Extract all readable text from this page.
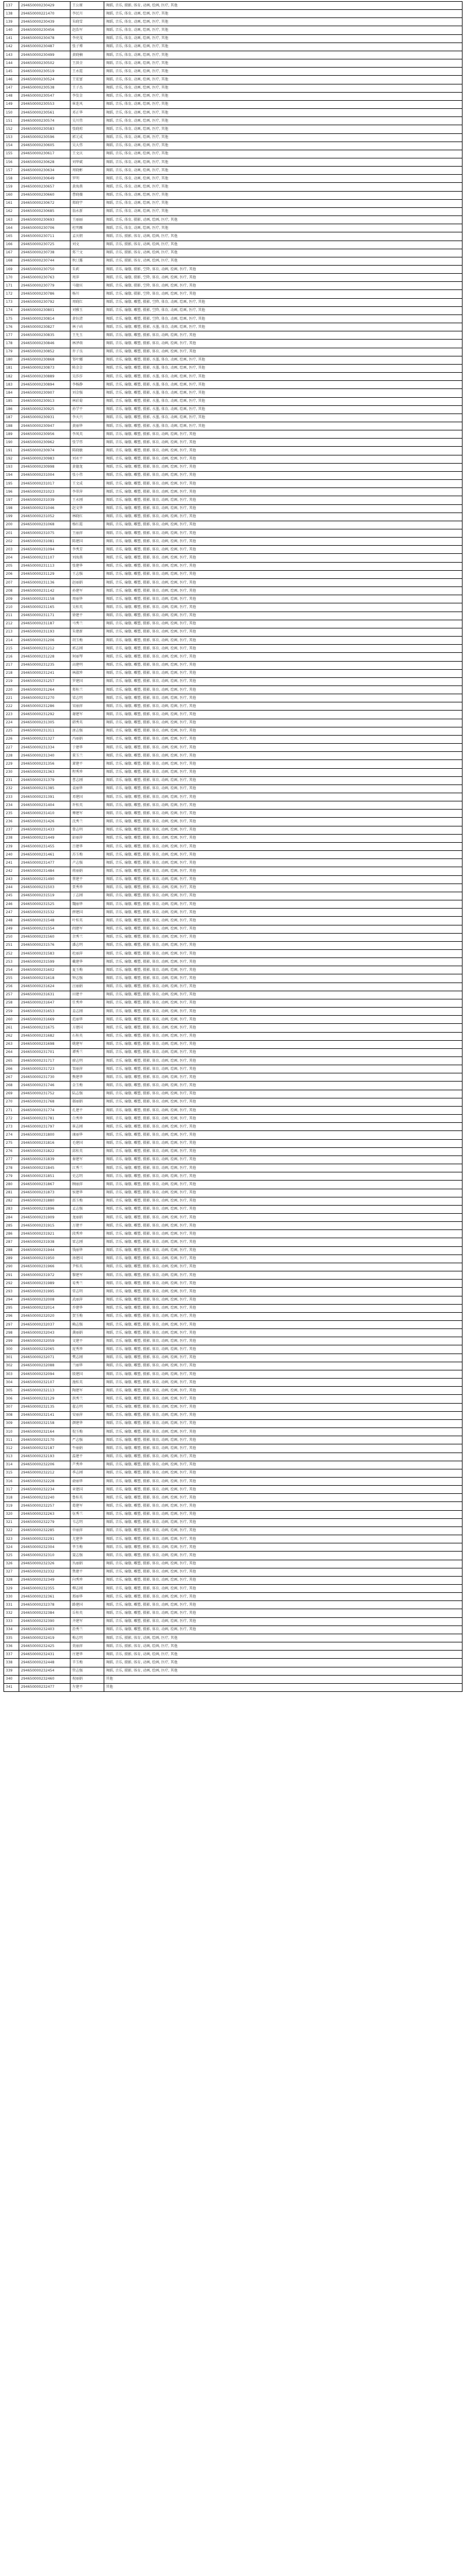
137	294650000230429	王公原	舞蹈, 音乐, 摄影, 体育, 动画, 绘画, 医疗, 其他
138	294650000221470	李民川	舞蹈, 音乐, 体育, 动画, 绘画, 医疗, 其他
139	294650000230439	朱晓雪	舞蹈, 音乐, 体育, 动画, 绘画, 医疗, 其他
140	294650000230456	赵浩军	舞蹈, 音乐, 体育, 动画, 绘画, 医疗, 其他
141	294650000230478	李亮茂	舞蹈, 音乐, 体育, 动画, 绘画, 医疗, 其他
142	294650000230487	张子博	舞蹈, 音乐, 体育, 动画, 绘画, 医疗, 其他
143	294650000230499	黄晓楠	舞蹈, 音乐, 体育, 动画, 绘画, 医疗, 其他
144	294650000230502	王洪全	舞蹈, 音乐, 体育, 动画, 绘画, 医疗, 其他
145	294650000230519	王永霞	舞蹈, 音乐, 体育, 动画, 绘画, 医疗, 其他
146	294650000230524	王宏富	舞蹈, 音乐, 体育, 动画, 绘画, 医疗, 其他
147	294650000230538	王子杰	舞蹈, 音乐, 体育, 动画, 绘画, 医疗, 其他
148	294650000230547	李发金	舞蹈, 音乐, 体育, 动画, 绘画, 医疗, 其他
149	294650000230553	崔连风	舞蹈, 音乐, 体育, 动画, 绘画, 医疗, 其他
150	294650000230561	邓正华	舞蹈, 音乐, 体育, 动画, 绘画, 医疗, 其他
151	294650000230574	吴川伟	舞蹈, 音乐, 体育, 动画, 绘画, 医疗, 其他
152	294650000230583	张晓琼	舞蹈, 音乐, 体育, 动画, 绘画, 医疗, 其他
153	294650000230596	郭元成	舞蹈, 音乐, 体育, 动画, 绘画, 医疗, 其他
154	294650000230605	吴大伟	舞蹈, 音乐, 体育, 动画, 绘画, 医疗, 其他
155	294650000230617	王文庆	舞蹈, 音乐, 体育, 动画, 绘画, 医疗, 其他
156	294650000230628	刘华斌	舞蹈, 音乐, 体育, 动画, 绘画, 医疗, 其他
157	294650000230634	周晓彬	舞蹈, 音乐, 体育, 动画, 绘画, 医疗, 其他
158	294650000230649	罗明	舞蹈, 音乐, 体育, 动画, 绘画, 医疗, 其他
159	294650000230657	黄海燕	舞蹈, 音乐, 体育, 动画, 绘画, 医疗, 其他
160	294650000230660	曹晓薇	舞蹈, 音乐, 体育, 动画, 绘画, 医疗, 其他
161	294650000230672	郑晓宇	舞蹈, 音乐, 体育, 动画, 绘画, 医疗, 其他
162	294650000230685	翁永新	舞蹈, 音乐, 体育, 动画, 绘画, 医疗, 其他
163	294650000230693	王丽丽	舞蹈, 音乐, 体育, 摄影, 动画, 绘画, 医疗, 其他
164	294650000230706	杜明雁	舞蹈, 音乐, 体育, 动画, 绘画, 医疗, 其他
165	294650000230711	孟庆朝	舞蹈, 音乐, 摄影, 体育, 动画, 绘画, 医疗, 其他
166	294650000230725	刘文	舞蹈, 音乐, 摄影, 体育, 动画, 绘画, 医疗, 其他
167	294650000230738	郑兰文	舞蹈, 音乐, 摄影, 体育, 动画, 绘画, 医疗, 其他
168	294650000230744	秋汀露	舞蹈, 音乐, 摄影, 体育, 动画, 绘画, 医疗, 其他
169	294650000230750	朱莉	舞蹈, 音乐, 瑜伽, 摄影, 空降, 体育, 动画, 绘画, 医疗, 其他
170	294650000230763	周萍	舞蹈, 音乐, 瑜伽, 摄影, 空降, 体育, 动画, 绘画, 医疗, 其他
171	294650000230779	马德宾	舞蹈, 音乐, 瑜伽, 摄影, 空降, 体育, 动画, 绘画, 医疗, 其他
172	294650000230786	杨川	舞蹈, 音乐, 瑜伽, 摄影, 空降, 体育, 动画, 绘画, 医疗, 其他
173	294650000230792	周晓红	舞蹈, 音乐, 瑜伽, 雕塑, 摄影, 空降, 体育, 动画, 绘画, 医疗, 其他
174	294650000230801	刘雅玉	舞蹈, 音乐, 瑜伽, 雕塑, 摄影, 空降, 体育, 动画, 绘画, 医疗, 其他
175	294650000230814	黄钰清	舞蹈, 音乐, 瑜伽, 雕塑, 摄影, 空降, 体育, 动画, 绘画, 医疗, 其他
176	294650000230827	林子函	舞蹈, 音乐, 瑜伽, 雕塑, 摄影, 水墨, 体育, 动画, 绘画, 医疗, 其他
177	294650000230835	王允玉	舞蹈, 音乐, 瑜伽, 雕塑, 摄影, 体育, 动画, 绘画, 医疗, 其他
178	294650000230846	林泽萌	舞蹈, 音乐, 瑜伽, 雕塑, 摄影, 体育, 动画, 绘画, 医疗, 其他
179	294650000230852	许子良	舞蹈, 音乐, 瑜伽, 雕塑, 摄影, 体育, 动画, 绘画, 医疗, 其他
180	294650000230868	邹叶娜	舞蹈, 音乐, 瑜伽, 雕塑, 摄影, 水墨, 体育, 动画, 绘画, 医疗, 其他
181	294650000230873	陈金金	舞蹈, 音乐, 瑜伽, 雕塑, 摄影, 水墨, 体育, 动画, 绘画, 医疗, 其他
182	294650000230889	吴莎莎	舞蹈, 音乐, 瑜伽, 雕塑, 摄影, 水墨, 体育, 动画, 绘画, 医疗, 其他
183	294650000230894	李杨静	舞蹈, 音乐, 瑜伽, 雕塑, 摄影, 水墨, 体育, 动画, 绘画, 医疗, 其他
184	294650000230907	刘金强	舞蹈, 音乐, 瑜伽, 雕塑, 摄影, 水墨, 体育, 动画, 绘画, 医疗, 其他
185	294650000230913	林彩菊	舞蹈, 音乐, 瑜伽, 雕塑, 摄影, 水墨, 体育, 动画, 绘画, 医疗, 其他
186	294650000230925	孙学平	舞蹈, 音乐, 瑜伽, 雕塑, 摄影, 水墨, 体育, 动画, 绘画, 医疗, 其他
187	294650000230931	李天兴	舞蹈, 音乐, 瑜伽, 雕塑, 摄影, 水墨, 体育, 动画, 绘画, 医疗, 其他
188	294650000230947	黄丽华	舞蹈, 音乐, 瑜伽, 雕塑, 摄影, 水墨, 体育, 动画, 绘画, 医疗, 其他
189	294650000230956	李凤英	舞蹈, 音乐, 瑜伽, 雕塑, 摄影, 体育, 动画, 绘画, 医疗, 其他
190	294650000230962	张学伟	舞蹈, 音乐, 瑜伽, 雕塑, 摄影, 体育, 动画, 绘画, 医疗, 其他
191	294650000230974	陈晓敏	舞蹈, 音乐, 瑜伽, 雕塑, 摄影, 体育, 动画, 绘画, 医疗, 其他
192	294650000230983	刘永平	舞蹈, 音乐, 瑜伽, 雕塑, 摄影, 体育, 动画, 绘画, 医疗, 其他
193	294650000230998	黄德龙	舞蹈, 音乐, 瑜伽, 雕塑, 摄影, 体育, 动画, 绘画, 医疗, 其他
194	294650000231004	张小伟	舞蹈, 音乐, 瑜伽, 雕塑, 摄影, 体育, 动画, 绘画, 医疗, 其他
195	294650000231017	王文成	舞蹈, 音乐, 瑜伽, 雕塑, 摄影, 体育, 动画, 绘画, 医疗, 其他
196	294650000231023	李翠萍	舞蹈, 音乐, 瑜伽, 雕塑, 摄影, 体育, 动画, 绘画, 医疗, 其他
197	294650000231039	王永刚	舞蹈, 音乐, 瑜伽, 雕塑, 摄影, 体育, 动画, 绘画, 医疗, 其他
198	294650000231046	赵文华	舞蹈, 音乐, 瑜伽, 雕塑, 摄影, 体育, 动画, 绘画, 医疗, 其他
199	294650000231052	林晓红	舞蹈, 音乐, 瑜伽, 雕塑, 摄影, 体育, 动画, 绘画, 医疗, 其他
200	294650000231068	杨红霞	舞蹈, 音乐, 瑜伽, 雕塑, 摄影, 体育, 动画, 绘画, 医疗, 其他
201	294650000231075	王丽萍	舞蹈, 音乐, 瑜伽, 雕塑, 摄影, 体育, 动画, 绘画, 医疗, 其他
202	294650000231081	陈建国	舞蹈, 音乐, 瑜伽, 雕塑, 摄影, 体育, 动画, 绘画, 医疗, 其他
203	294650000231094	李秀芳	舞蹈, 音乐, 瑜伽, 雕塑, 摄影, 体育, 动画, 绘画, 医疗, 其他
204	294650000231107	刘海燕	舞蹈, 音乐, 瑜伽, 雕塑, 摄影, 体育, 动画, 绘画, 医疗, 其他
205	294650000231113	张建华	舞蹈, 音乐, 瑜伽, 雕塑, 摄影, 体育, 动画, 绘画, 医疗, 其他
206	294650000231129	王志强	舞蹈, 音乐, 瑜伽, 雕塑, 摄影, 体育, 动画, 绘画, 医疗, 其他
207	294650000231136	赵丽娟	舞蹈, 音乐, 瑜伽, 雕塑, 摄影, 体育, 动画, 绘画, 医疗, 其他
208	294650000231142	孙建军	舞蹈, 音乐, 瑜伽, 雕塑, 摄影, 体育, 动画, 绘画, 医疗, 其他
209	294650000231158	周丽华	舞蹈, 音乐, 瑜伽, 雕塑, 摄影, 体育, 动画, 绘画, 医疗, 其他
210	294650000231165	吴桂英	舞蹈, 音乐, 瑜伽, 雕塑, 摄影, 体育, 动画, 绘画, 医疗, 其他
211	294650000231171	徐建平	舞蹈, 音乐, 瑜伽, 雕塑, 摄影, 体育, 动画, 绘画, 医疗, 其他
212	294650000231187	马秀兰	舞蹈, 音乐, 瑜伽, 雕塑, 摄影, 体育, 动画, 绘画, 医疗, 其他
213	294650000231193	朱建新	舞蹈, 音乐, 瑜伽, 雕塑, 摄影, 体育, 动画, 绘画, 医疗, 其他
214	294650000231206	胡玉梅	舞蹈, 音乐, 瑜伽, 雕塑, 摄影, 体育, 动画, 绘画, 医疗, 其他
215	294650000231212	郭志刚	舞蹈, 音乐, 瑜伽, 雕塑, 摄影, 体育, 动画, 绘画, 医疗, 其他
216	294650000231228	何丽琴	舞蹈, 音乐, 瑜伽, 雕塑, 摄影, 体育, 动画, 绘画, 医疗, 其他
217	294650000231235	高建明	舞蹈, 音乐, 瑜伽, 雕塑, 摄影, 体育, 动画, 绘画, 医疗, 其他
218	294650000231241	林淑珍	舞蹈, 音乐, 瑜伽, 雕塑, 摄影, 体育, 动画, 绘画, 医疗, 其他
219	294650000231257	罗建国	舞蹈, 音乐, 瑜伽, 雕塑, 摄影, 体育, 动画, 绘画, 医疗, 其他
220	294650000231264	郑桂兰	舞蹈, 音乐, 瑜伽, 雕塑, 摄影, 体育, 动画, 绘画, 医疗, 其他
221	294650000231270	梁志明	舞蹈, 音乐, 瑜伽, 雕塑, 摄影, 体育, 动画, 绘画, 医疗, 其他
222	294650000231286	宋丽萍	舞蹈, 音乐, 瑜伽, 雕塑, 摄影, 体育, 动画, 绘画, 医疗, 其他
223	294650000231292	谢建军	舞蹈, 音乐, 瑜伽, 雕塑, 摄影, 体育, 动画, 绘画, 医疗, 其他
224	294650000231305	韩秀英	舞蹈, 音乐, 瑜伽, 雕塑, 摄影, 体育, 动画, 绘画, 医疗, 其他
225	294650000231311	唐志强	舞蹈, 音乐, 瑜伽, 雕塑, 摄影, 体育, 动画, 绘画, 医疗, 其他
226	294650000231327	冯丽娟	舞蹈, 音乐, 瑜伽, 雕塑, 摄影, 体育, 动画, 绘画, 医疗, 其他
227	294650000231334	于建华	舞蹈, 音乐, 瑜伽, 雕塑, 摄影, 体育, 动画, 绘画, 医疗, 其他
228	294650000231340	董玉兰	舞蹈, 音乐, 瑜伽, 雕塑, 摄影, 体育, 动画, 绘画, 医疗, 其他
229	294650000231356	萧建平	舞蹈, 音乐, 瑜伽, 雕塑, 摄影, 体育, 动画, 绘画, 医疗, 其他
230	294650000231363	程秀珍	舞蹈, 音乐, 瑜伽, 雕塑, 摄影, 体育, 动画, 绘画, 医疗, 其他
231	294650000231379	曹志刚	舞蹈, 音乐, 瑜伽, 雕塑, 摄影, 体育, 动画, 绘画, 医疗, 其他
232	294650000231385	袁丽华	舞蹈, 音乐, 瑜伽, 雕塑, 摄影, 体育, 动画, 绘画, 医疗, 其他
233	294650000231391	邓建国	舞蹈, 音乐, 瑜伽, 雕塑, 摄影, 体育, 动画, 绘画, 医疗, 其他
234	294650000231404	许桂英	舞蹈, 音乐, 瑜伽, 雕塑, 摄影, 体育, 动画, 绘画, 医疗, 其他
235	294650000231410	傅建军	舞蹈, 音乐, 瑜伽, 雕塑, 摄影, 体育, 动画, 绘画, 医疗, 其他
236	294650000231426	沈秀兰	舞蹈, 音乐, 瑜伽, 雕塑, 摄影, 体育, 动画, 绘画, 医疗, 其他
237	294650000231433	曾志明	舞蹈, 音乐, 瑜伽, 雕塑, 摄影, 体育, 动画, 绘画, 医疗, 其他
238	294650000231449	彭丽萍	舞蹈, 音乐, 瑜伽, 雕塑, 摄影, 体育, 动画, 绘画, 医疗, 其他
239	294650000231455	吕建华	舞蹈, 音乐, 瑜伽, 雕塑, 摄影, 体育, 动画, 绘画, 医疗, 其他
240	294650000231461	苏玉梅	舞蹈, 音乐, 瑜伽, 雕塑, 摄影, 体育, 动画, 绘画, 医疗, 其他
241	294650000231477	卢志强	舞蹈, 音乐, 瑜伽, 雕塑, 摄影, 体育, 动画, 绘画, 医疗, 其他
242	294650000231484	蒋丽娟	舞蹈, 音乐, 瑜伽, 雕塑, 摄影, 体育, 动画, 绘画, 医疗, 其他
243	294650000231490	蔡建平	舞蹈, 音乐, 瑜伽, 雕塑, 摄影, 体育, 动画, 绘画, 医疗, 其他
244	294650000231503	贾秀珍	舞蹈, 音乐, 瑜伽, 雕塑, 摄影, 体育, 动画, 绘画, 医疗, 其他
245	294650000231519	丁志刚	舞蹈, 音乐, 瑜伽, 雕塑, 摄影, 体育, 动画, 绘画, 医疗, 其他
246	294650000231525	魏丽华	舞蹈, 音乐, 瑜伽, 雕塑, 摄影, 体育, 动画, 绘画, 医疗, 其他
247	294650000231532	薛建国	舞蹈, 音乐, 瑜伽, 雕塑, 摄影, 体育, 动画, 绘画, 医疗, 其他
248	294650000231548	叶桂英	舞蹈, 音乐, 瑜伽, 雕塑, 摄影, 体育, 动画, 绘画, 医疗, 其他
249	294650000231554	阎建军	舞蹈, 音乐, 瑜伽, 雕塑, 摄影, 体育, 动画, 绘画, 医疗, 其他
250	294650000231560	余秀兰	舞蹈, 音乐, 瑜伽, 雕塑, 摄影, 体育, 动画, 绘画, 医疗, 其他
251	294650000231576	潘志明	舞蹈, 音乐, 瑜伽, 雕塑, 摄影, 体育, 动画, 绘画, 医疗, 其他
252	294650000231583	杜丽萍	舞蹈, 音乐, 瑜伽, 雕塑, 摄影, 体育, 动画, 绘画, 医疗, 其他
253	294650000231599	戴建华	舞蹈, 音乐, 瑜伽, 雕塑, 摄影, 体育, 动画, 绘画, 医疗, 其他
254	294650000231602	夏玉梅	舞蹈, 音乐, 瑜伽, 雕塑, 摄影, 体育, 动画, 绘画, 医疗, 其他
255	294650000231618	钟志强	舞蹈, 音乐, 瑜伽, 雕塑, 摄影, 体育, 动画, 绘画, 医疗, 其他
256	294650000231624	汪丽娟	舞蹈, 音乐, 瑜伽, 雕塑, 摄影, 体育, 动画, 绘画, 医疗, 其他
257	294650000231631	田建平	舞蹈, 音乐, 瑜伽, 雕塑, 摄影, 体育, 动画, 绘画, 医疗, 其他
258	294650000231647	任秀珍	舞蹈, 音乐, 瑜伽, 雕塑, 摄影, 体育, 动画, 绘画, 医疗, 其他
259	294650000231653	姜志刚	舞蹈, 音乐, 瑜伽, 雕塑, 摄影, 体育, 动画, 绘画, 医疗, 其他
260	294650000231669	范丽华	舞蹈, 音乐, 瑜伽, 雕塑, 摄影, 体育, 动画, 绘画, 医疗, 其他
261	294650000231675	方建国	舞蹈, 音乐, 瑜伽, 雕塑, 摄影, 体育, 动画, 绘画, 医疗, 其他
262	294650000231682	石桂英	舞蹈, 音乐, 瑜伽, 雕塑, 摄影, 体育, 动画, 绘画, 医疗, 其他
263	294650000231698	姚建军	舞蹈, 音乐, 瑜伽, 雕塑, 摄影, 体育, 动画, 绘画, 医疗, 其他
264	294650000231701	谭秀兰	舞蹈, 音乐, 瑜伽, 雕塑, 摄影, 体育, 动画, 绘画, 医疗, 其他
265	294650000231717	廖志明	舞蹈, 音乐, 瑜伽, 雕塑, 摄影, 体育, 动画, 绘画, 医疗, 其他
266	294650000231723	邹丽萍	舞蹈, 音乐, 瑜伽, 雕塑, 摄影, 体育, 动画, 绘画, 医疗, 其他
267	294650000231730	熊建华	舞蹈, 音乐, 瑜伽, 雕塑, 摄影, 体育, 动画, 绘画, 医疗, 其他
268	294650000231746	金玉梅	舞蹈, 音乐, 瑜伽, 雕塑, 摄影, 体育, 动画, 绘画, 医疗, 其他
269	294650000231752	陆志强	舞蹈, 音乐, 瑜伽, 雕塑, 摄影, 体育, 动画, 绘画, 医疗, 其他
270	294650000231768	郝丽娟	舞蹈, 音乐, 瑜伽, 雕塑, 摄影, 体育, 动画, 绘画, 医疗, 其他
271	294650000231774	孔建平	舞蹈, 音乐, 瑜伽, 雕塑, 摄影, 体育, 动画, 绘画, 医疗, 其他
272	294650000231781	白秀珍	舞蹈, 音乐, 瑜伽, 雕塑, 摄影, 体育, 动画, 绘画, 医疗, 其他
273	294650000231797	崔志刚	舞蹈, 音乐, 瑜伽, 雕塑, 摄影, 体育, 动画, 绘画, 医疗, 其他
274	294650000231800	康丽华	舞蹈, 音乐, 瑜伽, 雕塑, 摄影, 体育, 动画, 绘画, 医疗, 其他
275	294650000231816	毛建国	舞蹈, 音乐, 瑜伽, 雕塑, 摄影, 体育, 动画, 绘画, 医疗, 其他
276	294650000231822	邱桂英	舞蹈, 音乐, 瑜伽, 雕塑, 摄影, 体育, 动画, 绘画, 医疗, 其他
277	294650000231839	秦建军	舞蹈, 音乐, 瑜伽, 雕塑, 摄影, 体育, 动画, 绘画, 医疗, 其他
278	294650000231845	江秀兰	舞蹈, 音乐, 瑜伽, 雕塑, 摄影, 体育, 动画, 绘画, 医疗, 其他
279	294650000231851	史志明	舞蹈, 音乐, 瑜伽, 雕塑, 摄影, 体育, 动画, 绘画, 医疗, 其他
280	294650000231867	顾丽萍	舞蹈, 音乐, 瑜伽, 雕塑, 摄影, 体育, 动画, 绘画, 医疗, 其他
281	294650000231873	侯建华	舞蹈, 音乐, 瑜伽, 雕塑, 摄影, 体育, 动画, 绘画, 医疗, 其他
282	294650000231880	邵玉梅	舞蹈, 音乐, 瑜伽, 雕塑, 摄影, 体育, 动画, 绘画, 医疗, 其他
283	294650000231896	孟志强	舞蹈, 音乐, 瑜伽, 雕塑, 摄影, 体育, 动画, 绘画, 医疗, 其他
284	294650000231909	龙丽娟	舞蹈, 音乐, 瑜伽, 雕塑, 摄影, 体育, 动画, 绘画, 医疗, 其他
285	294650000231915	万建平	舞蹈, 音乐, 瑜伽, 雕塑, 摄影, 体育, 动画, 绘画, 医疗, 其他
286	294650000231921	段秀珍	舞蹈, 音乐, 瑜伽, 雕塑, 摄影, 体育, 动画, 绘画, 医疗, 其他
287	294650000231938	雷志刚	舞蹈, 音乐, 瑜伽, 雕塑, 摄影, 体育, 动画, 绘画, 医疗, 其他
288	294650000231944	钱丽华	舞蹈, 音乐, 瑜伽, 雕塑, 摄影, 体育, 动画, 绘画, 医疗, 其他
289	294650000231950	汤建国	舞蹈, 音乐, 瑜伽, 雕塑, 摄影, 体育, 动画, 绘画, 医疗, 其他
290	294650000231966	尹桂英	舞蹈, 音乐, 瑜伽, 雕塑, 摄影, 体育, 动画, 绘画, 医疗, 其他
291	294650000231972	黎建军	舞蹈, 音乐, 瑜伽, 雕塑, 摄影, 体育, 动画, 绘画, 医疗, 其他
292	294650000231989	易秀兰	舞蹈, 音乐, 瑜伽, 雕塑, 摄影, 体育, 动画, 绘画, 医疗, 其他
293	294650000231995	常志明	舞蹈, 音乐, 瑜伽, 雕塑, 摄影, 体育, 动画, 绘画, 医疗, 其他
294	294650000232008	武丽萍	舞蹈, 音乐, 瑜伽, 雕塑, 摄影, 体育, 动画, 绘画, 医疗, 其他
295	294650000232014	乔建华	舞蹈, 音乐, 瑜伽, 雕塑, 摄影, 体育, 动画, 绘画, 医疗, 其他
296	294650000232020	贺玉梅	舞蹈, 音乐, 瑜伽, 雕塑, 摄影, 体育, 动画, 绘画, 医疗, 其他
297	294650000232037	赖志强	舞蹈, 音乐, 瑜伽, 雕塑, 摄影, 体育, 动画, 绘画, 医疗, 其他
298	294650000232043	龚丽娟	舞蹈, 音乐, 瑜伽, 雕塑, 摄影, 体育, 动画, 绘画, 医疗, 其他
299	294650000232059	文建平	舞蹈, 音乐, 瑜伽, 雕塑, 摄影, 体育, 动画, 绘画, 医疗, 其他
300	294650000232065	庞秀珍	舞蹈, 音乐, 瑜伽, 雕塑, 摄影, 体育, 动画, 绘画, 医疗, 其他
301	294650000232071	樊志刚	舞蹈, 音乐, 瑜伽, 雕塑, 摄影, 体育, 动画, 绘画, 医疗, 其他
302	294650000232088	兰丽华	舞蹈, 音乐, 瑜伽, 雕塑, 摄影, 体育, 动画, 绘画, 医疗, 其他
303	294650000232094	殷建国	舞蹈, 音乐, 瑜伽, 雕塑, 摄影, 体育, 动画, 绘画, 医疗, 其他
304	294650000232107	施桂英	舞蹈, 音乐, 瑜伽, 雕塑, 摄影, 体育, 动画, 绘画, 医疗, 其他
305	294650000232113	陶建军	舞蹈, 音乐, 瑜伽, 雕塑, 摄影, 体育, 动画, 绘画, 医疗, 其他
306	294650000232129	洪秀兰	舞蹈, 音乐, 瑜伽, 雕塑, 摄影, 体育, 动画, 绘画, 医疗, 其他
307	294650000232135	翟志明	舞蹈, 音乐, 瑜伽, 雕塑, 摄影, 体育, 动画, 绘画, 医疗, 其他
308	294650000232141	安丽萍	舞蹈, 音乐, 瑜伽, 雕塑, 摄影, 体育, 动画, 绘画, 医疗, 其他
309	294650000232158	颜建华	舞蹈, 音乐, 瑜伽, 雕塑, 摄影, 体育, 动画, 绘画, 医疗, 其他
310	294650000232164	倪玉梅	舞蹈, 音乐, 瑜伽, 雕塑, 摄影, 体育, 动画, 绘画, 医疗, 其他
311	294650000232170	严志强	舞蹈, 音乐, 瑜伽, 雕塑, 摄影, 体育, 动画, 绘画, 医疗, 其他
312	294650000232187	牛丽娟	舞蹈, 音乐, 瑜伽, 雕塑, 摄影, 体育, 动画, 绘画, 医疗, 其他
313	294650000232193	温建平	舞蹈, 音乐, 瑜伽, 雕塑, 摄影, 体育, 动画, 绘画, 医疗, 其他
314	294650000232206	芦秀珍	舞蹈, 音乐, 瑜伽, 雕塑, 摄影, 体育, 动画, 绘画, 医疗, 其他
315	294650000232212	季志刚	舞蹈, 音乐, 瑜伽, 雕塑, 摄影, 体育, 动画, 绘画, 医疗, 其他
316	294650000232228	俞丽华	舞蹈, 音乐, 瑜伽, 雕塑, 摄影, 体育, 动画, 绘画, 医疗, 其他
317	294650000232234	章建国	舞蹈, 音乐, 瑜伽, 雕塑, 摄影, 体育, 动画, 绘画, 医疗, 其他
318	294650000232240	鲁桂英	舞蹈, 音乐, 瑜伽, 雕塑, 摄影, 体育, 动画, 绘画, 医疗, 其他
319	294650000232257	葛建军	舞蹈, 音乐, 瑜伽, 雕塑, 摄影, 体育, 动画, 绘画, 医疗, 其他
320	294650000232263	伍秀兰	舞蹈, 音乐, 瑜伽, 雕塑, 摄影, 体育, 动画, 绘画, 医疗, 其他
321	294650000232279	韦志明	舞蹈, 音乐, 瑜伽, 雕塑, 摄影, 体育, 动画, 绘画, 医疗, 其他
322	294650000232285	申丽萍	舞蹈, 音乐, 瑜伽, 雕塑, 摄影, 体育, 动画, 绘画, 医疗, 其他
323	294650000232291	尤建华	舞蹈, 音乐, 瑜伽, 雕塑, 摄影, 体育, 动画, 绘画, 医疗, 其他
324	294650000232304	毕玉梅	舞蹈, 音乐, 瑜伽, 雕塑, 摄影, 体育, 动画, 绘画, 医疗, 其他
325	294650000232310	聂志强	舞蹈, 音乐, 瑜伽, 雕塑, 摄影, 体育, 动画, 绘画, 医疗, 其他
326	294650000232326	丛丽娟	舞蹈, 音乐, 瑜伽, 雕塑, 摄影, 体育, 动画, 绘画, 医疗, 其他
327	294650000232332	焦建平	舞蹈, 音乐, 瑜伽, 雕塑, 摄影, 体育, 动画, 绘画, 医疗, 其他
328	294650000232349	向秀珍	舞蹈, 音乐, 瑜伽, 雕塑, 摄影, 体育, 动画, 绘画, 医疗, 其他
329	294650000232355	柳志刚	舞蹈, 音乐, 瑜伽, 雕塑, 摄影, 体育, 动画, 绘画, 医疗, 其他
330	294650000232361	邢丽华	舞蹈, 音乐, 瑜伽, 雕塑, 摄影, 体育, 动画, 绘画, 医疗, 其他
331	294650000232378	路建国	舞蹈, 音乐, 瑜伽, 雕塑, 摄影, 体育, 动画, 绘画, 医疗, 其他
332	294650000232384	岳桂英	舞蹈, 音乐, 瑜伽, 雕塑, 摄影, 体育, 动画, 绘画, 医疗, 其他
333	294650000232390	齐建军	舞蹈, 音乐, 瑜伽, 雕塑, 摄影, 体育, 动画, 绘画, 医疗, 其他
334	294650000232403	沿秀兰	舞蹈, 音乐, 瑜伽, 雕塑, 摄影, 体育, 动画, 绘画, 医疗, 其他
335	294650000232419	梅志明	舞蹈, 音乐, 摄影, 体育, 动画, 绘画, 医疗, 其他
336	294650000232425	莫丽萍	舞蹈, 音乐, 摄影, 体育, 动画, 绘画, 医疗, 其他
337	294650000232431	庄建华	舞蹈, 音乐, 摄影, 体育, 动画, 绘画, 医疗, 其他
338	294650000232448	辛玉梅	舞蹈, 音乐, 摄影, 体育, 动画, 绘画, 医疗, 其他
339	294650000232454	管志强	舞蹈, 音乐, 摄影, 体育, 动画, 绘画, 医疗, 其他
340	294650000232460	祝丽娟	其他
341	294650000232477	左建平	其他
